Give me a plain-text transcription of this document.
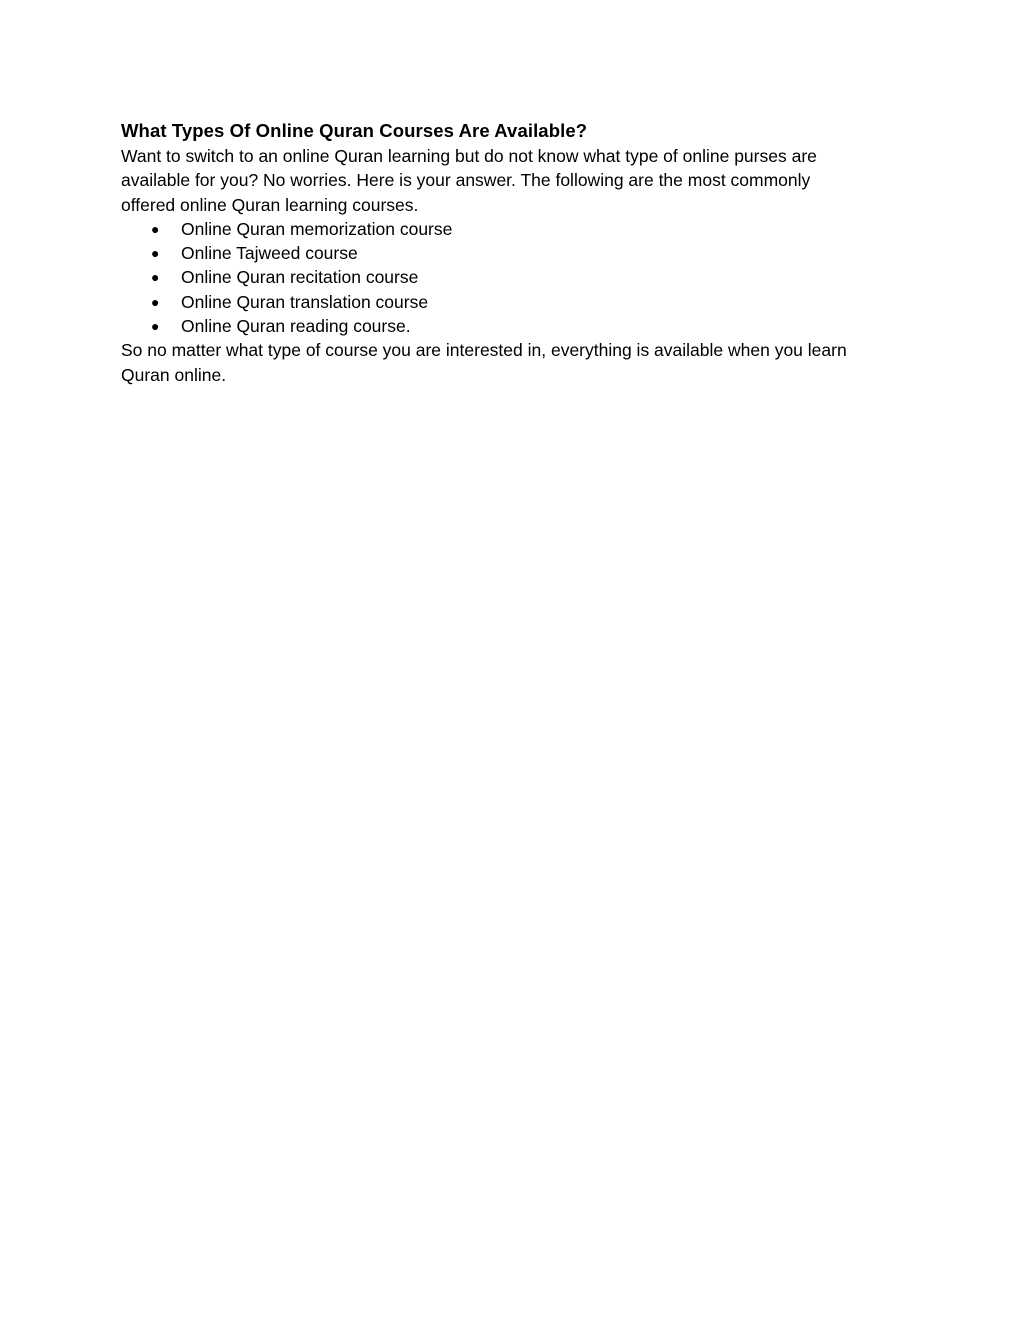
What Types Of Online Quran Courses Are Available?

Want to switch to an online Quran learning but do not know what type of online purses are
available for you? No worries. Here is your answer. The following are the most commonly
offered online Quran learning courses.

● Online Quran memorization course
● Online Tajweed course
● Online Quran recitation course
● Online Quran translation course
● Online Quran reading course.

So no matter what type of course you are interested in, everything is available when you learn
Quran online.
